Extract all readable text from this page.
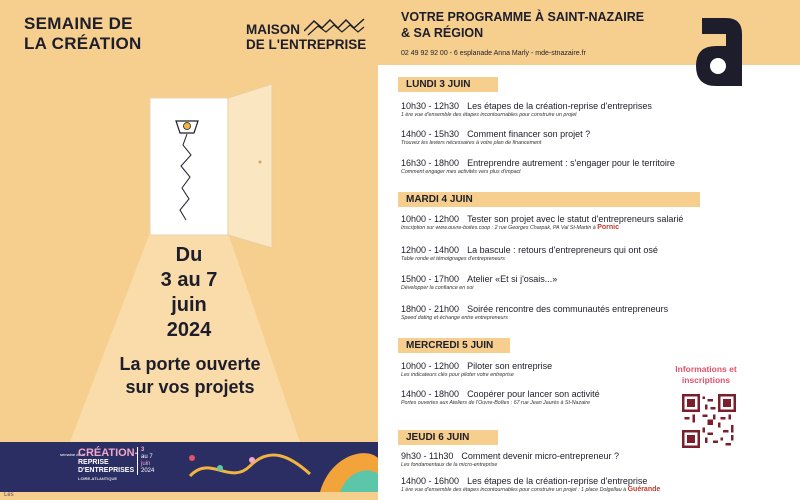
SEMAINE DE
LA CRÉATION
MAISON
DE L'ENTREPRISE
Du
3 au 7
juin
2024
La porte ouverte
sur vos projets
semaine de la
CRÉATION-
REPRISE
D'ENTREPRISES
LOIRE-ATLANTIQUE
3
au 7
juin
2024
Les
VOTRE PROGRAMME À SAINT-NAZAIRE
& SA RÉGION
02 49 92 92 00 - 6 esplanade Anna Marly - mde-stnazaire.fr
LUNDI 3 JUIN
10h30 - 12h30 Les étapes de la création-reprise d'entreprises
1 ère vue d'ensemble des étapes incontournables pour construire un projet
14h00 - 15h30 Comment financer son projet ?
Trouvez les leviers nécessaires à votre plan de financement
16h30 - 18h00 Entreprendre autrement : s'engager pour le territoire
Comment engager mes activités vers plus d'impact
MARDI 4 JUIN
10h00 - 12h00 Tester son projet avec le statut d'entrepreneurs salarié
Inscription sur www.ouvre-boites.coop : 2 rue Georges Charpak, PA Val St-Martin à Pornic
12h00 - 14h00 La bascule : retours d'entrepreneurs qui ont osé
Table ronde et témoignages d'entrepreneurs
15h00 - 17h00 Atelier «Et si j'osais...»
Développer la confiance en soi
18h00 - 21h00 Soirée rencontre des communautés entrepreneurs
Speed dating et échange entre entrepreneurs
MERCREDI 5 JUIN
10h00 - 12h00 Piloter son entreprise
Les indicateurs clés pour piloter votre entreprise
14h00 - 18h00 Coopérer pour lancer son activité
Portes ouvertes aux Ateliers de l'Ouvre-Boîtes : 67 rue Jean Jaurès à St-Nazaire
JEUDI 6 JUIN
9h30 - 11h30 Comment devenir micro-entrepreneur ?
Les fondamentaux de la micro-entreprise
14h00 - 16h00 Les étapes de la création-reprise d'entreprise
1 ère vue d'ensemble des étapes incontournables pour construire un projet : 1 place Dolgellau à Guérande
Informations et
inscriptions
